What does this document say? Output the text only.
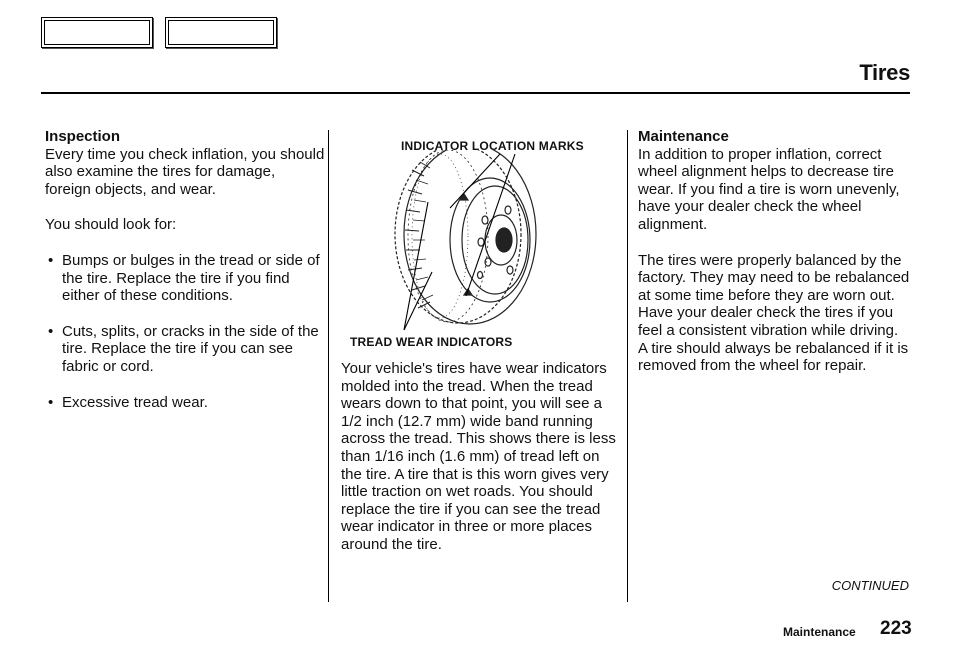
Tires

Inspection

Every time you check inflation, you should also examine the tires for damage, foreign objects, and wear.

You should look for:

• Bumps or bulges in the tread or side of the tire. Replace the tire if you find either of these conditions.
• Cuts, splits, or cracks in the side of the tire. Replace the tire if you can see fabric or cord.
• Excessive tread wear.
INDICATOR LOCATION MARKS
TREAD WEAR INDICATORS

Your vehicle's tires have wear indicators molded into the tread. When the tread wears down to that point, you will see a 1/2 inch (12.7 mm) wide band running across the tread. This shows there is less than 1/16 inch (1.6 mm) of tread left on the tire. A tire that is this worn gives very little traction on wet roads. You should replace the tire if you can see the tread wear indicator in three or more places around the tire.

Maintenance

In addition to proper inflation, correct wheel alignment helps to decrease tire wear. If you find a tire is worn unevenly, have your dealer check the wheel alignment.

The tires were properly balanced by the factory. They may need to be rebalanced at some time before they are worn out. Have your dealer check the tires if you feel a consistent vibration while driving. A tire should always be rebalanced if it is removed from the wheel for repair.

CONTINUED
Maintenance 223
